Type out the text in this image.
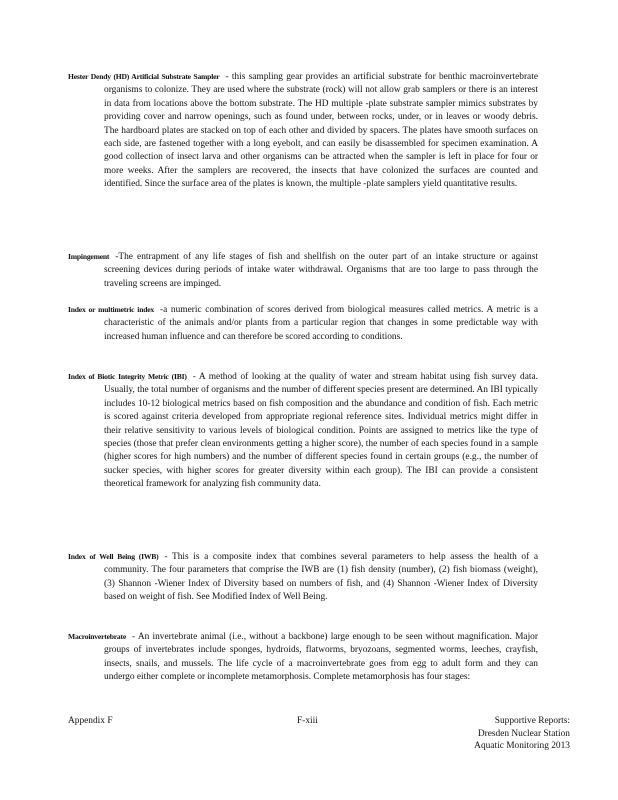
Hester Dendy (HD) Artificial Substrate Sampler - this sampling gear provides an artificial substrate for benthic macroinvertebrate organisms to colonize. They are used where the substrate (rock) will not allow grab samplers or there is an interest in data from locations above the bottom substrate. The HD multiple -plate substrate sampler mimics substrates by providing cover and narrow openings, such as found under, between rocks, under, or in leaves or woody debris. The hardboard plates are stacked on top of each other and divided by spacers. The plates have smooth surfaces on each side, are fastened together with a long eyebolt, and can easily be disassembled for specimen examination. A good collection of insect larva and other organisms can be attracted when the sampler is left in place for four or more weeks. After the samplers are recovered, the insects that have colonized the surfaces are counted and identified. Since the surface area of the plates is known, the multiple -plate samplers yield quantitative results.

Impingement -The entrapment of any life stages of fish and shellfish on the outer part of an intake structure or against screening devices during periods of intake water withdrawal. Organisms that are too large to pass through the traveling screens are impinged.

Index or multimetric index -a numeric combination of scores derived from biological measures called metrics. A metric is a characteristic of the animals and/or plants from a particular region that changes in some predictable way with increased human influence and can therefore be scored according to conditions.

Index of Biotic Integrity Metric (IBI) - A method of looking at the quality of water and stream habitat using fish survey data. Usually, the total number of organisms and the number of different species present are determined. An IBI typically includes 10-12 biological metrics based on fish composition and the abundance and condition of fish. Each metric is scored against criteria developed from appropriate regional reference sites. Individual metrics might differ in their relative sensitivity to various levels of biological condition. Points are assigned to metrics like the type of species (those that prefer clean environments getting a higher score), the number of each species found in a sample (higher scores for high numbers) and the number of different species found in certain groups (e.g., the number of sucker species, with higher scores for greater diversity within each group). The IBI can provide a consistent theoretical framework for analyzing fish community data.

Index of Well Being (IWB) - This is a composite index that combines several parameters to help assess the health of a community. The four parameters that comprise the IWB are (1) fish density (number), (2) fish biomass (weight), (3) Shannon -Wiener Index of Diversity based on numbers of fish, and (4) Shannon -Wiener Index of Diversity based on weight of fish. See Modified Index of Well Being.

Macroinvertebrate - An invertebrate animal (i.e., without a backbone) large enough to be seen without magnification. Major groups of invertebrates include sponges, hydroids, flatworms, bryozoans, segmented worms, leeches, crayfish, insects, snails, and mussels. The life cycle of a macroinvertebrate goes from egg to adult form and they can undergo either complete or incomplete metamorphosis. Complete metamorphosis has four stages:

Appendix F	F-xiii	Supportive Reports:
Dresden Nuclear Station
Aquatic Monitoring 2013
